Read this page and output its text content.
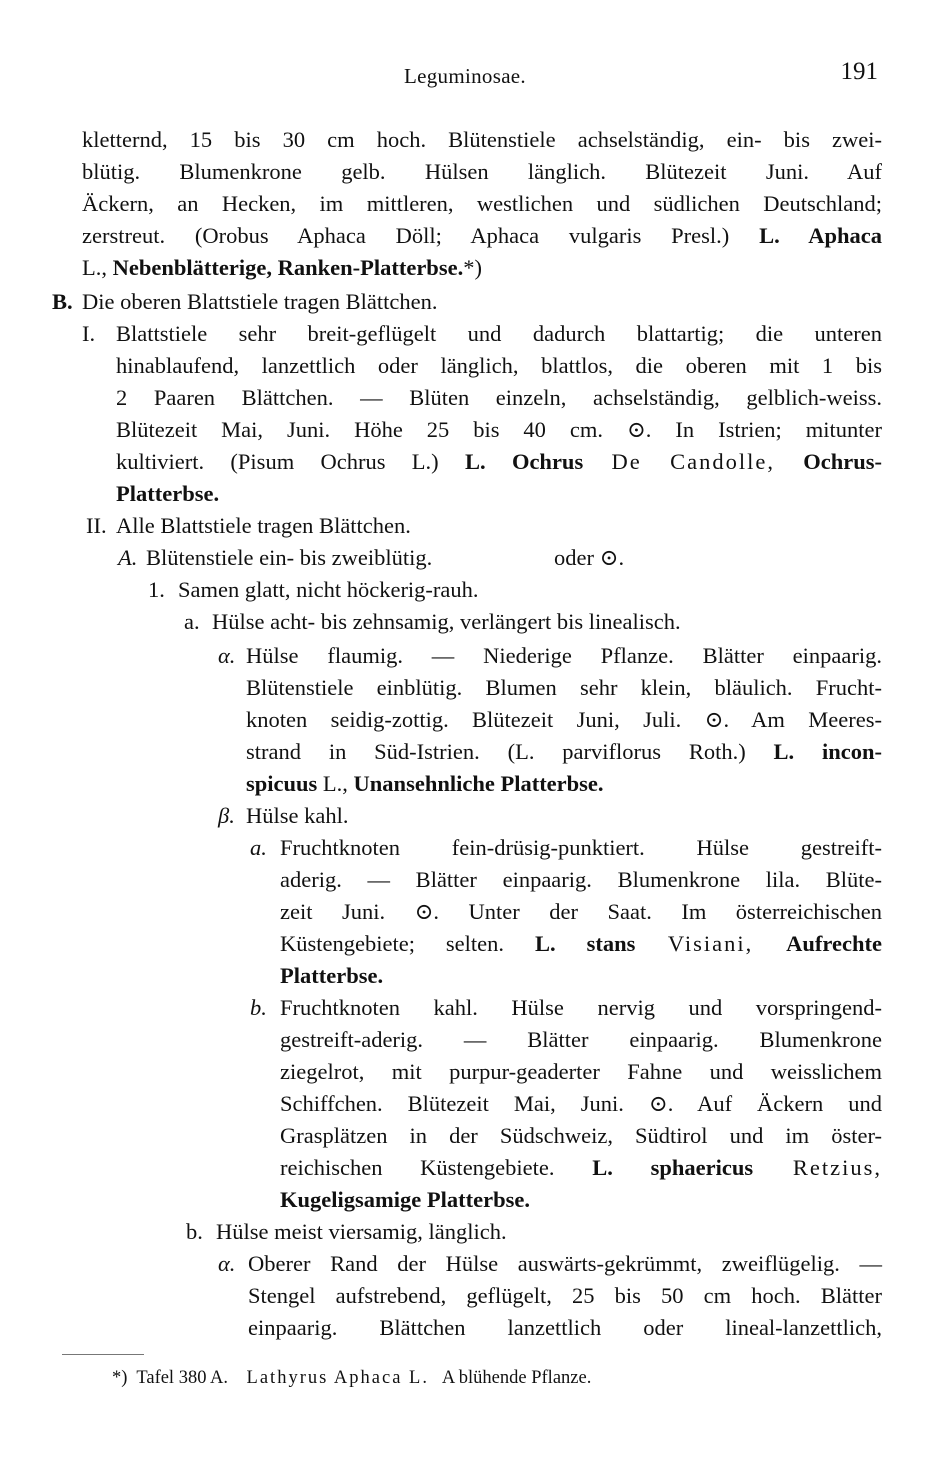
Leguminosae.	191
kletternd, 15 bis 30 cm hoch. Blütenstiele achselständig, ein- bis zwei-
blütig. Blumenkrone gelb. Hülsen länglich. Blütezeit Juni. Auf
Äckern, an Hecken, im mittleren, westlichen und südlichen Deutschland;
zerstreut. (Orobus Aphaca Döll; Aphaca vulgaris Presl.) L. Aphaca
L., Nebenblätterige, Ranken-Platterbse.*)
B. Die oberen Blattstiele tragen Blättchen.
I. Blattstiele sehr breit-geflügelt und dadurch blattartig; die unteren
hinablaufend, lanzettlich oder länglich, blattlos, die oberen mit 1 bis
2 Paaren Blättchen. — Blüten einzeln, achselständig, gelblich-weiss.
Blütezeit Mai, Juni. Höhe 25 bis 40 cm. ⊙. In Istrien; mitunter
kultiviert. (Pisum Ochrus L.) L. Ochrus De Candolle, Ochrus-
Platterbse.
II. Alle Blattstiele tragen Blättchen.
A. Blütenstiele ein- bis zweiblütig.	oder ⊙.
1. Samen glatt, nicht höckerig-rauh.
a. Hülse acht- bis zehnsamig, verlängert bis linealisch.
α. Hülse flaumig. — Niederige Pflanze. Blätter einpaarig.
Blütenstiele einblütig. Blumen sehr klein, bläulich. Frucht-
knoten seidig-zottig. Blütezeit Juni, Juli. ⊙. Am Meeres-
strand in Süd-Istrien. (L. parviflorus Roth.) L. incon-
spicuus L., Unansehnliche Platterbse.
β. Hülse kahl.
a. Fruchtknoten fein-drüsig-punktiert. Hülse gestreift-
aderig. — Blätter einpaarig. Blumenkrone lila. Blüte-
zeit Juni. ⊙. Unter der Saat. Im österreichischen
Küstengebiete; selten. L. stans Visiani, Aufrechte
Platterbse.
b. Fruchtknoten kahl. Hülse nervig und vorspringend-
gestreift-aderig. — Blätter einpaarig. Blumenkrone
ziegelrot, mit purpur-geaderter Fahne und weisslichem
Schiffchen. Blütezeit Mai, Juni. ⊙. Auf Äckern und
Grasplätzen in der Südschweiz, Südtirol und im öster-
reichischen Küstengebiete. L. sphaericus Retzius,
Kugeligsamige Platterbse.
b. Hülse meist viersamig, länglich.
α. Oberer Rand der Hülse auswärts-gekrümmt, zweiflügelig. —
Stengel aufstrebend, geflügelt, 25 bis 50 cm hoch. Blätter
einpaarig. Blättchen lanzettlich oder lineal-lanzettlich,
*) Tafel 380 A. Lathyrus Aphaca L. A blühende Pflanze.
